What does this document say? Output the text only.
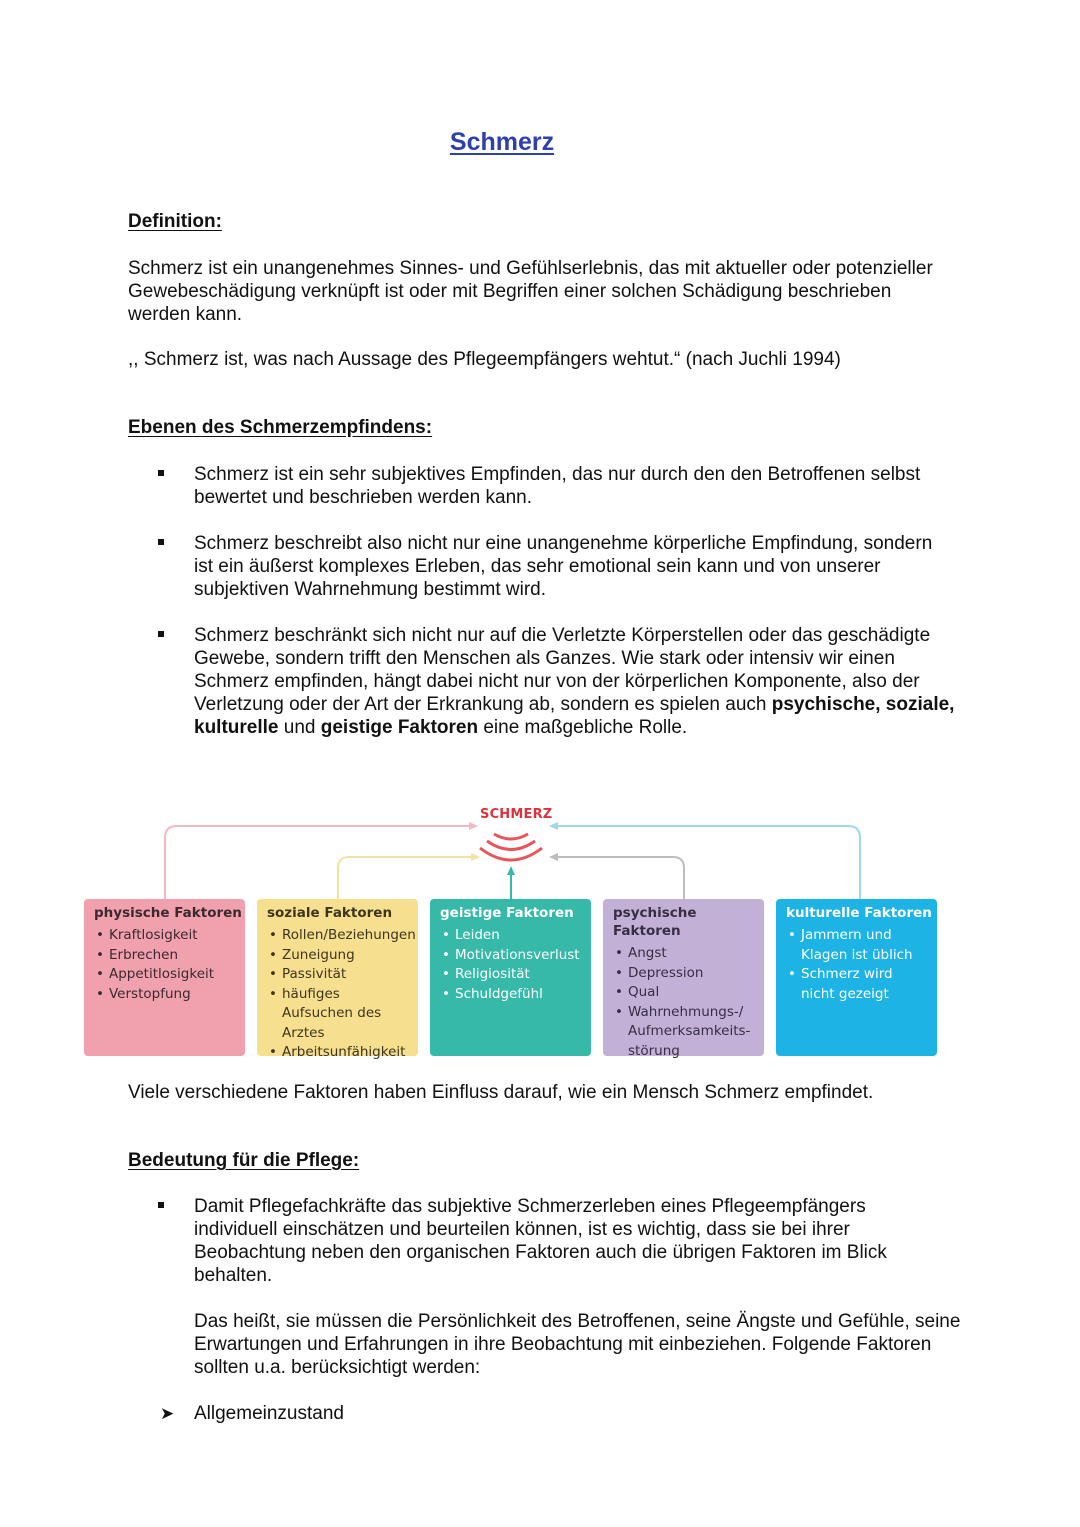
Schmerz
Definition:
Schmerz ist ein unangenehmes Sinnes- und Gefühlserlebnis, das mit aktueller oder potenzieller Gewebeschädigung verknüpft ist oder mit Begriffen einer solchen Schädigung beschrieben werden kann.
,, Schmerz ist, was nach Aussage des Pflegeempfängers wehtut.“ (nach Juchli 1994)
Ebenen des Schmerzempfindens:
Schmerz ist ein sehr subjektives Empfinden, das nur durch den den Betroffenen selbst bewertet und beschrieben werden kann.
Schmerz beschreibt also nicht nur eine unangenehme körperliche Empfindung, sondern ist ein äußerst komplexes Erleben, das sehr emotional sein kann und von unserer subjektiven Wahrnehmung bestimmt wird.
Schmerz beschränkt sich nicht nur auf die Verletzte Körperstellen oder das geschädigte Gewebe, sondern trifft den Menschen als Ganzes. Wie stark oder intensiv wir einen Schmerz empfinden, hängt dabei nicht nur von der körperlichen Komponente, also der Verletzung oder der Art der Erkrankung ab, sondern es spielen auch psychische, soziale, kulturelle und geistige Faktoren eine maßgebliche Rolle.
SCHMERZ
physische Faktoren
• Kraftlosigkeit
• Erbrechen
• Appetitlosigkeit
• Verstopfung
soziale Faktoren
• Rollen/Beziehungen
• Zuneigung
• Passivität
• häufiges Aufsuchen des Arztes
• Arbeitsunfähigkeit
geistige Faktoren
• Leiden
• Motivationsverlust
• Religiosität
• Schuldgefühl
psychische Faktoren
• Angst
• Depression
• Qual
• Wahrnehmungs-/ Aufmerksamkeits-störung
kulturelle Faktoren
• Jammern und Klagen ist üblich
• Schmerz wird nicht gezeigt
Viele verschiedene Faktoren haben Einfluss darauf, wie ein Mensch Schmerz empfindet.
Bedeutung für die Pflege:
Damit Pflegefachkräfte das subjektive Schmerzerleben eines Pflegeempfängers individuell einschätzen und beurteilen können, ist es wichtig, dass sie bei ihrer Beobachtung neben den organischen Faktoren auch die übrigen Faktoren im Blick behalten.
Das heißt, sie müssen die Persönlichkeit des Betroffenen, seine Ängste und Gefühle, seine Erwartungen und Erfahrungen in ihre Beobachtung mit einbeziehen. Folgende Faktoren sollten u.a. berücksichtigt werden:
➤ Allgemeinzustand
